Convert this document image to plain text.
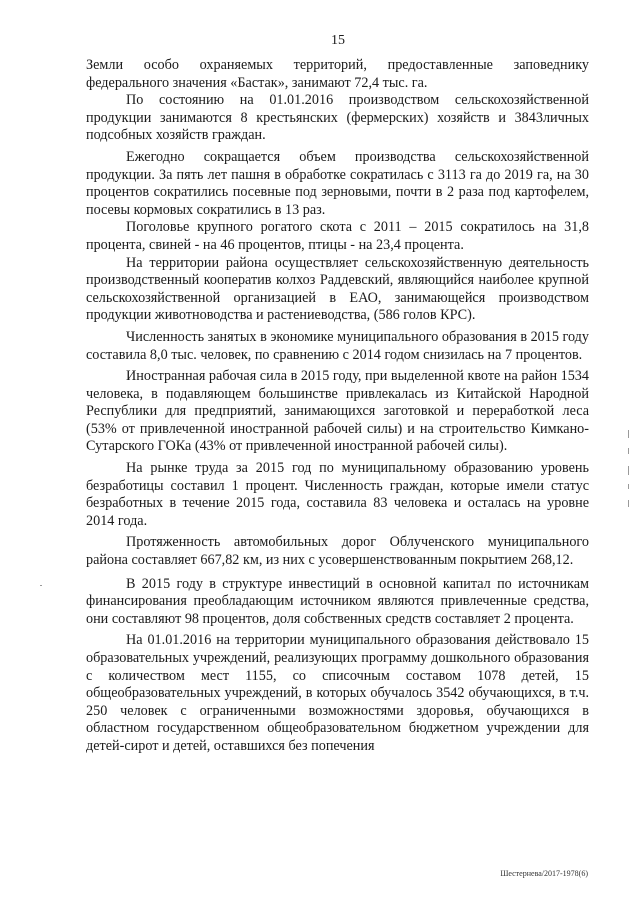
15

Земли особо охраняемых территорий, предоставленные заповеднику федерального значения «Бастак», занимают 72,4 тыс. га.

По состоянию на 01.01.2016 производством сельскохозяйственной продукции занимаются 8 крестьянских (фермерских) хозяйств и 3843личных подсобных хозяйств граждан.

Ежегодно сокращается объем производства сельскохозяйственной продукции. За пять лет пашня в обработке сократилась с 3113 га до 2019 га, на 30 процентов сократились посевные под зерновыми, почти в 2 раза под картофелем, посевы кормовых сократились в 13 раз.

Поголовье крупного рогатого скота с 2011 – 2015 сократилось на 31,8 процента, свиней - на 46 процентов, птицы - на 23,4 процента.

На территории района осуществляет сельскохозяйственную деятельность производственный кооператив колхоз Раддевский, являющийся наиболее крупной сельскохозяйственной организацией в ЕАО, занимающейся производством продукции животноводства и растениеводства, (586 голов КРС).

Численность занятых в экономике муниципального образования в 2015 году составила 8,0 тыс. человек, по сравнению с 2014 годом снизилась на 7 процентов.

Иностранная рабочая сила в 2015 году, при выделенной квоте на район 1534 человека, в подавляющем большинстве привлекалась из Китайской Народной Республики для предприятий, занимающихся заготовкой и переработкой леса (53% от привлеченной иностранной рабочей силы) и на строительство Кимкано-Сутарского ГОКа (43% от привлеченной иностранной рабочей силы).

На рынке труда за 2015 год по муниципальному образованию уровень безработицы составил 1 процент. Численность граждан, которые имели статус безработных в течение 2015 года, составила 83 человека и осталась на уровне 2014 года.

Протяженность автомобильных дорог Облученского муниципального района составляет 667,82 км, из них с усовершенствованным покрытием 268,12.

В 2015 году в структуре инвестиций в основной капитал по источникам финансирования преобладающим источником являются привлеченные средства, они составляют 98 процентов, доля собственных средств составляет 2 процента.

На 01.01.2016 на территории муниципального образования действовало 15 образовательных учреждений, реализующих программу дошкольного образования с количеством мест 1155, со списочным составом 1078 детей, 15 общеобразовательных учреждений, в которых обучалось 3542 обучающихся, в т.ч. 250 человек с ограниченными возможностями здоровья, обучающихся в областном государственном общеобразовательном бюджетном учреждении для детей-сирот и детей, оставшихся без попечения

Шестернева/2017-1978(6)
